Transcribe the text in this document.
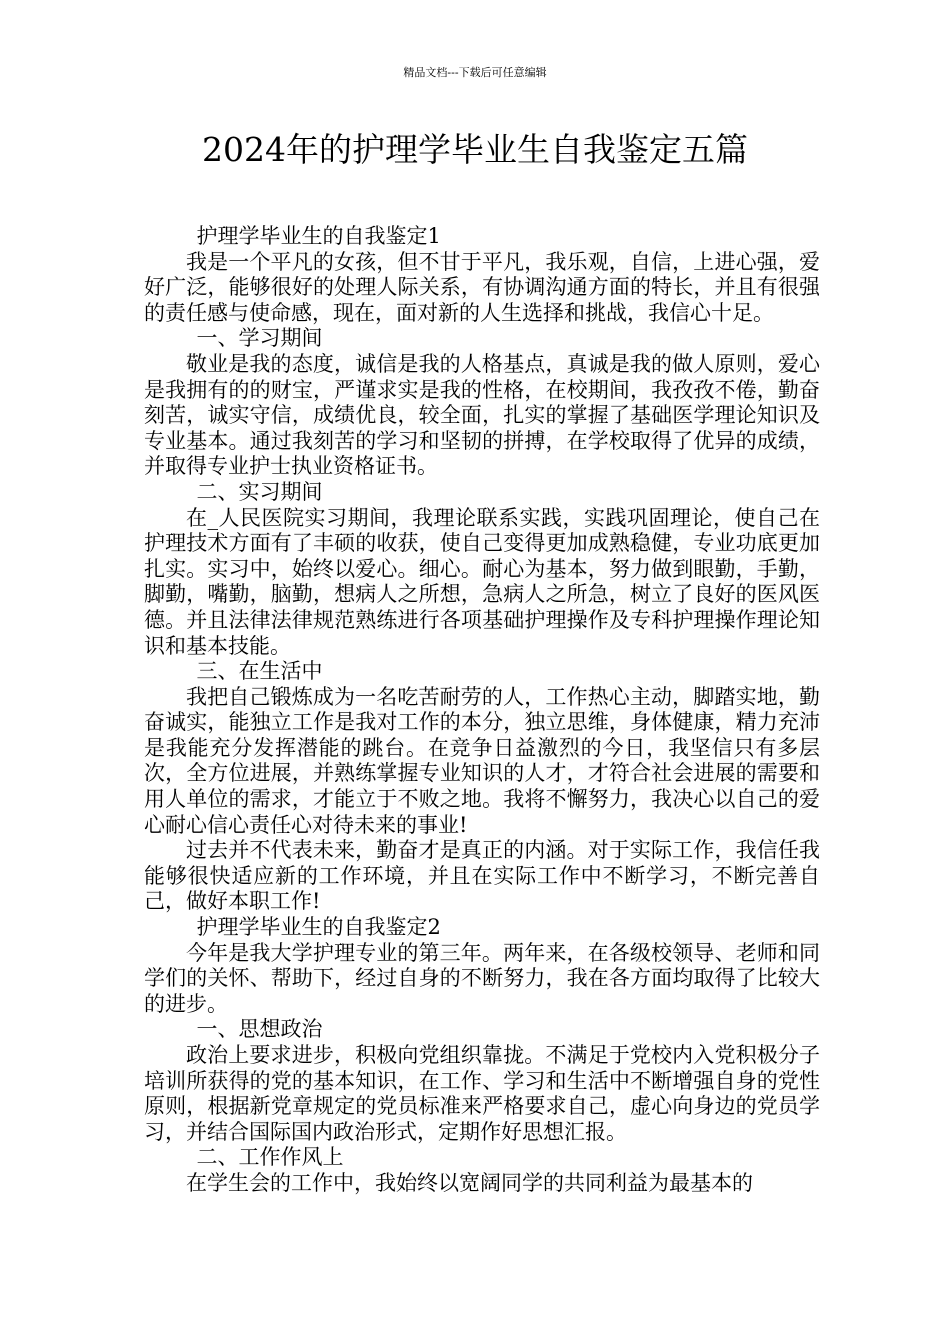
精品文档---下载后可任意编辑
2024年的护理学毕业生自我鉴定五篇

护理学毕业生的自我鉴定1

我是一个平凡的女孩，但不甘于平凡，我乐观，自信，上进心强，爱好广泛，能够很好的处理人际关系，有协调沟通方面的特长，并且有很强的责任感与使命感，现在，面对新的人生选择和挑战，我信心十足。

一、学习期间

敬业是我的态度，诚信是我的人格基点，真诚是我的做人原则，爱心是我拥有的的财宝，严谨求实是我的性格，在校期间，我孜孜不倦，勤奋刻苦，诚实守信，成绩优良，较全面，扎实的掌握了基础医学理论知识及专业基本。通过我刻苦的学习和坚韧的拼搏，在学校取得了优异的成绩，并取得专业护士执业资格证书。

二、实习期间

在_人民医院实习期间，我理论联系实践，实践巩固理论，使自己在护理技术方面有了丰硕的收获，使自己变得更加成熟稳健，专业功底更加扎实。实习中，始终以爱心。细心。耐心为基本，努力做到眼勤，手勤，脚勤，嘴勤，脑勤，想病人之所想，急病人之所急，树立了良好的医风医德。并且法律法律规范熟练进行各项基础护理操作及专科护理操作理论知识和基本技能。

三、在生活中

我把自己锻炼成为一名吃苦耐劳的人，工作热心主动，脚踏实地，勤奋诚实，能独立工作是我对工作的本分，独立思维，身体健康，精力充沛是我能充分发挥潜能的跳台。在竞争日益激烈的今日，我坚信只有多层次，全方位进展，并熟练掌握专业知识的人才，才符合社会进展的需要和用人单位的需求，才能立于不败之地。我将不懈努力，我决心以自己的爱心耐心信心责任心对待未来的事业!

过去并不代表未来，勤奋才是真正的内涵。对于实际工作，我信任我能够很快适应新的工作环境，并且在实际工作中不断学习，不断完善自己，做好本职工作!

护理学毕业生的自我鉴定2

今年是我大学护理专业的第三年。两年来，在各级校领导、老师和同学们的关怀、帮助下，经过自身的不断努力，我在各方面均取得了比较大的进步。

一、思想政治

政治上要求进步，积极向党组织靠拢。不满足于党校内入党积极分子培训所获得的党的基本知识，在工作、学习和生活中不断增强自身的党性原则，根据新党章规定的党员标准来严格要求自己，虚心向身边的党员学习，并结合国际国内政治形式，定期作好思想汇报。

二、工作作风上

在学生会的工作中，我始终以宽阔同学的共同利益为最基本的
